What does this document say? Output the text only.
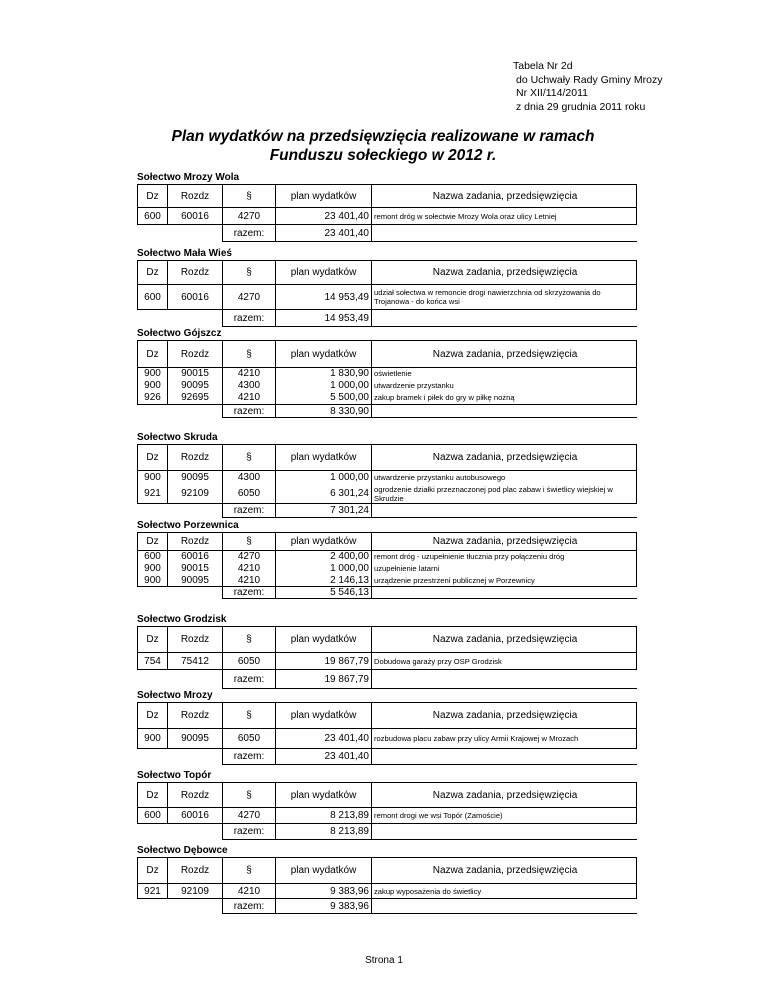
Tabela Nr 2d
do Uchwały Rady Gminy Mrozy
Nr XII/114/2011
z dnia 29 grudnia 2011 roku
Plan wydatków na przedsięwzięcia realizowane w ramach
Funduszu sołeckiego w 2012 r.
Sołectwo Mrozy Wola
Dz	Rozdz	§	plan wydatków	Nazwa zadania, przedsięwzięcia
600	60016	4270	23 401,40	remont dróg w sołectwie Mrozy Wola oraz ulicy Letniej
		razem:	23 401,40	
Sołectwo Mała Wieś
Dz	Rozdz	§	plan wydatków	Nazwa zadania, przedsięwzięcia
600	60016	4270	14 953,49	udział sołectwa w remoncie drogi nawierzchnia od skrzyżowania do Trojanowa - do końca wsi
		razem:	14 953,49	
Sołectwo Gójszcz
Dz	Rozdz	§	plan wydatków	Nazwa zadania, przedsięwzięcia
900	90015	4210	1 830,90	oświetlenie
900	90095	4300	1 000,00	utwardzenie przystanku
926	92695	4210	5 500,00	zakup bramek i piłek do gry w piłkę nożną
		razem:	8 330,90	
Sołectwo Skruda
Dz	Rozdz	§	plan wydatków	Nazwa zadania, przedsięwzięcia
900	90095	4300	1 000,00	utwardzenie przystanku autobusowego
921	92109	6050	6 301,24	ogrodzenie działki przeznaczonej pod plac zabaw i świetlicy wiejskiej w Skrudzie
		razem:	7 301,24	
Sołectwo Porzewnica
Dz	Rozdz	§	plan wydatków	Nazwa zadania, przedsięwzięcia
600	60016	4270	2 400,00	remont dróg - uzupełnienie tłucznia przy połączeniu dróg
900	90015	4210	1 000,00	uzupełnienie latarni
900	90095	4210	2 146,13	urządzenie przestrzeni publicznej w Porzewnicy
		razem:	5 546,13	
Sołectwo Grodzisk
Dz	Rozdz	§	plan wydatków	Nazwa zadania, przedsięwzięcia
754	75412	6050	19 867,79	Dobudowa garaży przy OSP Grodzisk
		razem:	19 867,79	
Sołectwo Mrozy
Dz	Rozdz	§	plan wydatków	Nazwa zadania, przedsięwzięcia
900	90095	6050	23 401,40	rozbudowa placu zabaw przy ulicy Armii Krajowej w Mrozach
		razem:	23 401,40	
Sołectwo Topór
Dz	Rozdz	§	plan wydatków	Nazwa zadania, przedsięwzięcia
600	60016	4270	8 213,89	remont drogi we wsi Topór (Zamoście)
		razem:	8 213,89	
Sołectwo Dębowce
Dz	Rozdz	§	plan wydatków	Nazwa zadania, przedsięwzięcia
921	92109	4210	9 383,96	zakup wyposażenia do świetlicy
		razem:	9 383,96	
Strona 1
